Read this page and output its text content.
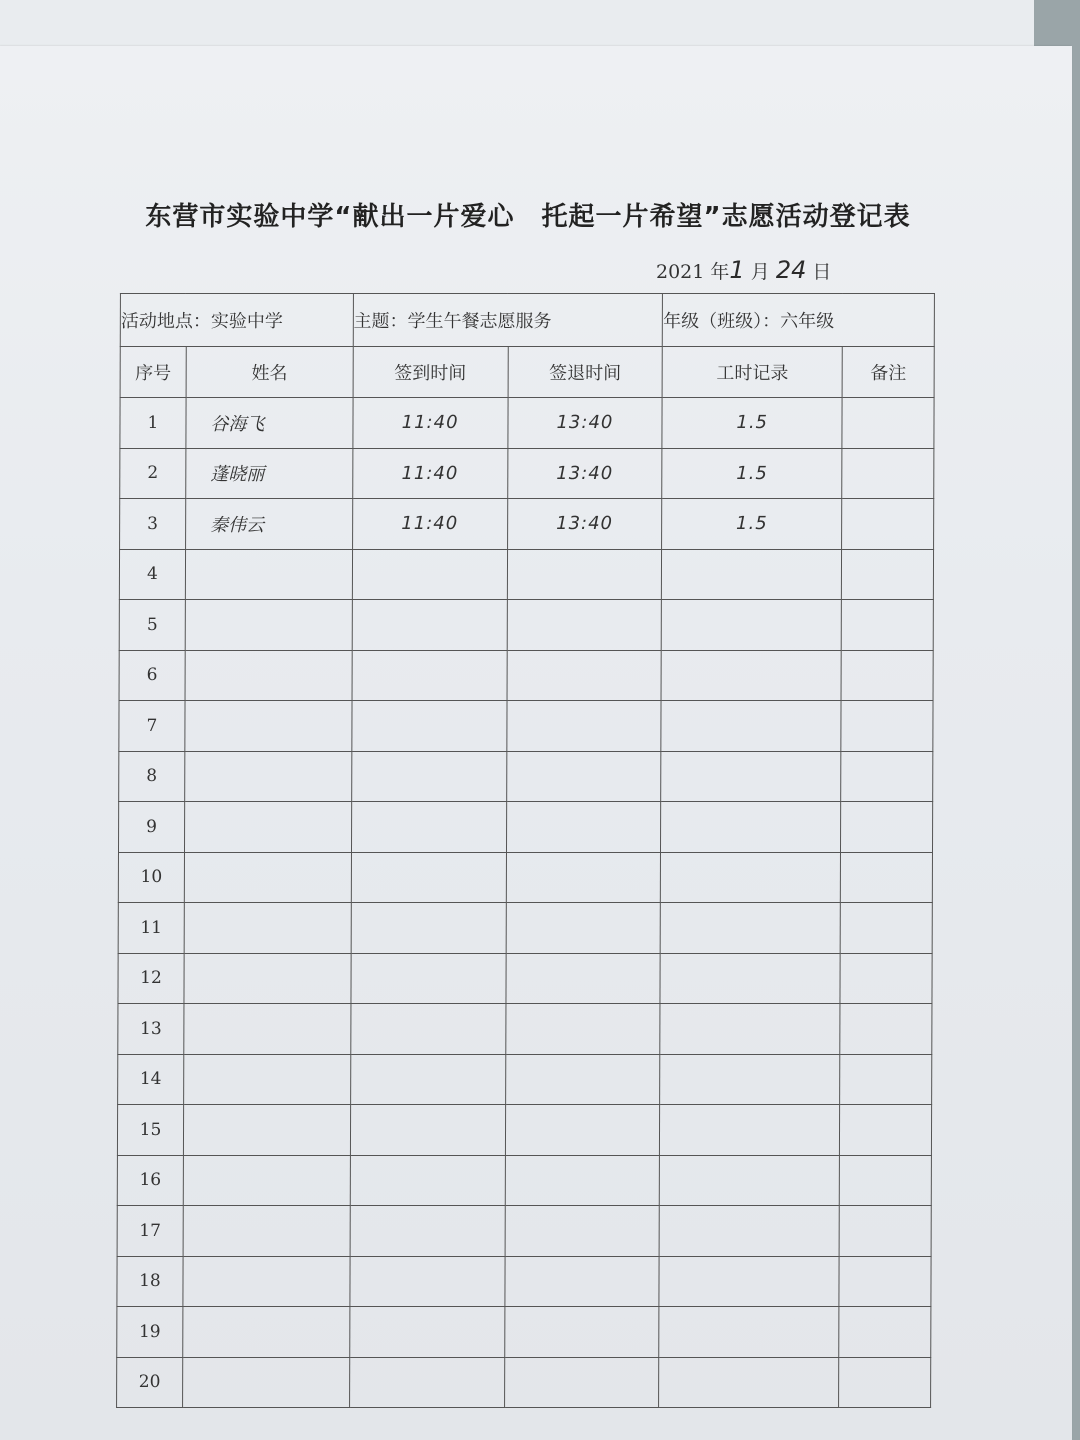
东营市实验中学“献出一片爱心　托起一片希望”志愿活动登记表
2021 年1 月 24 日
活动地点：实验中学		主题：学生午餐志愿服务		年级（班级）：六年级	
序号	姓名	签到时间	签退时间	工时记录	备注
1	谷海飞	11:40	13:40	1.5	
2	蓬晓丽	11:40	13:40	1.5	
3	秦伟云	11:40	13:40	1.5	
4					
5					
6					
7					
8					
9					
10					
11					
12					
13					
14					
15					
16					
17					
18					
19					
20					
